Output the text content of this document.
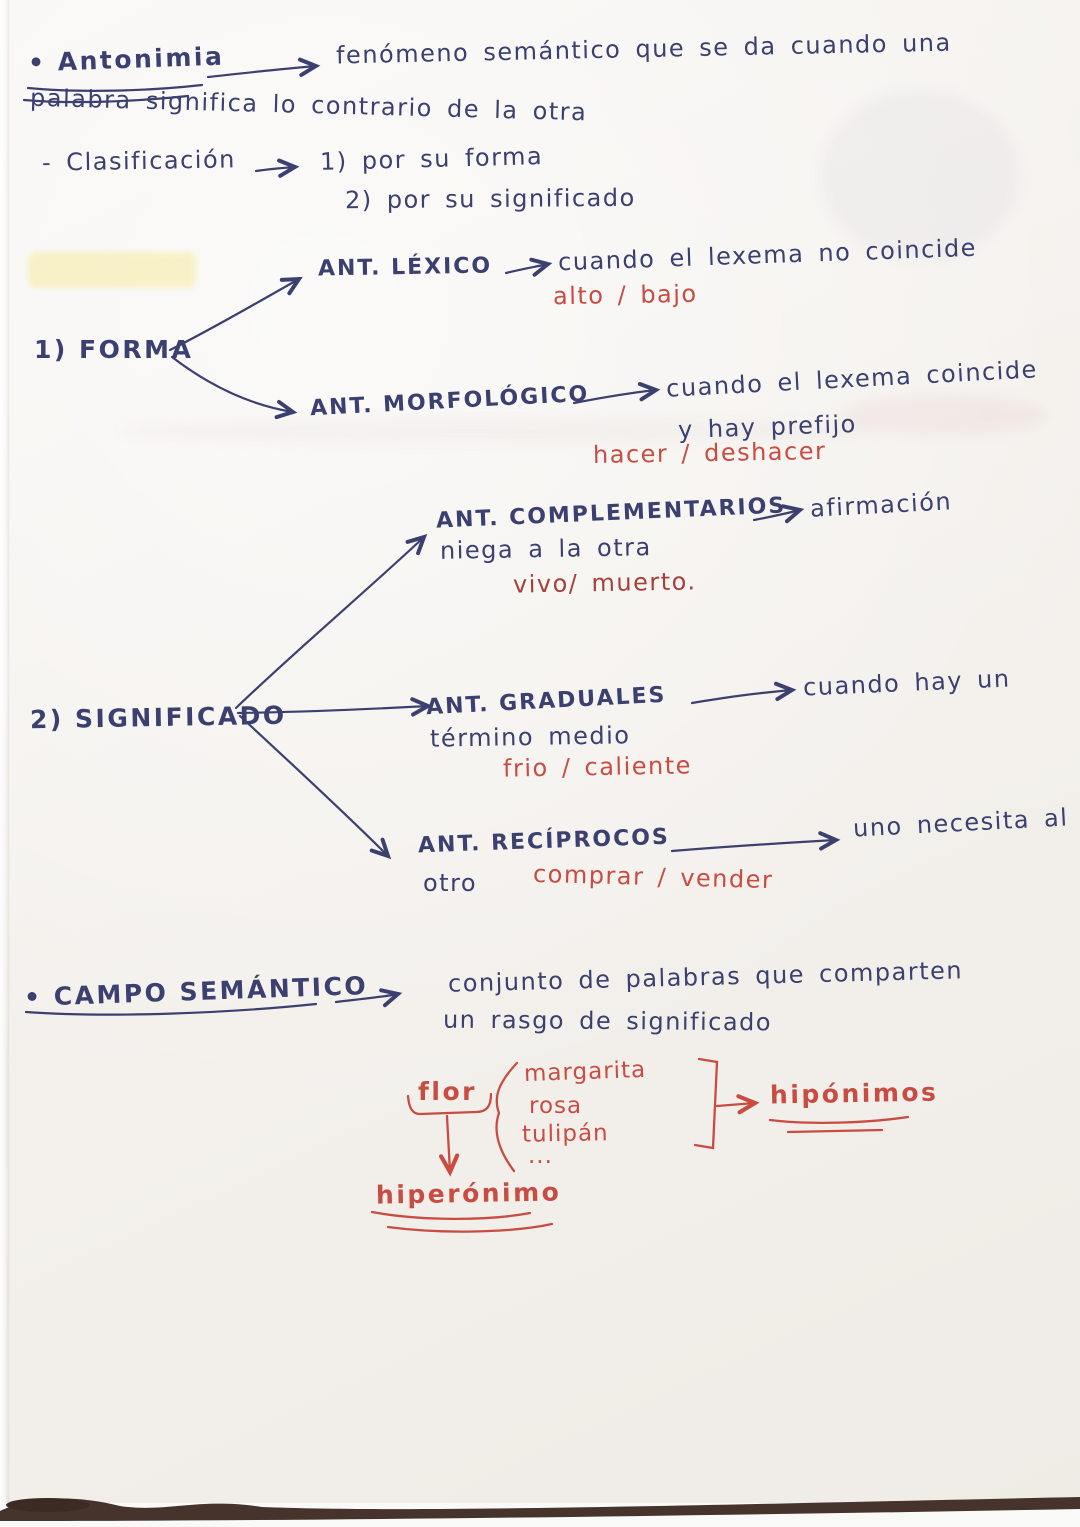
• Antonimia	fenómeno semántico que se da cuando una
palabra significa lo contrario de la otra
- Clasificación	1) por su forma
2) por su significado
1) FORMA
ANT. LÉXICO	cuando el lexema no coincide
alto / bajo
ANT. MORFOLÓGICO	cuando el lexema coincide
y hay prefijo
hacer / deshacer
2) SIGNIFICADO
ANT. COMPLEMENTARIOS afirmación
niega a la otra
vivo/ muerto.
ANT. GRADUALES	cuando hay un
término medio
frio / caliente
ANT. RECÍPROCOS	uno necesita al
otro comprar / vender
• CAMPO SEMÁNTICO	conjunto de palabras que comparten
un rasgo de significado
flor
margarita
rosa
tulipán
...
hipónimos
hiperónimo
